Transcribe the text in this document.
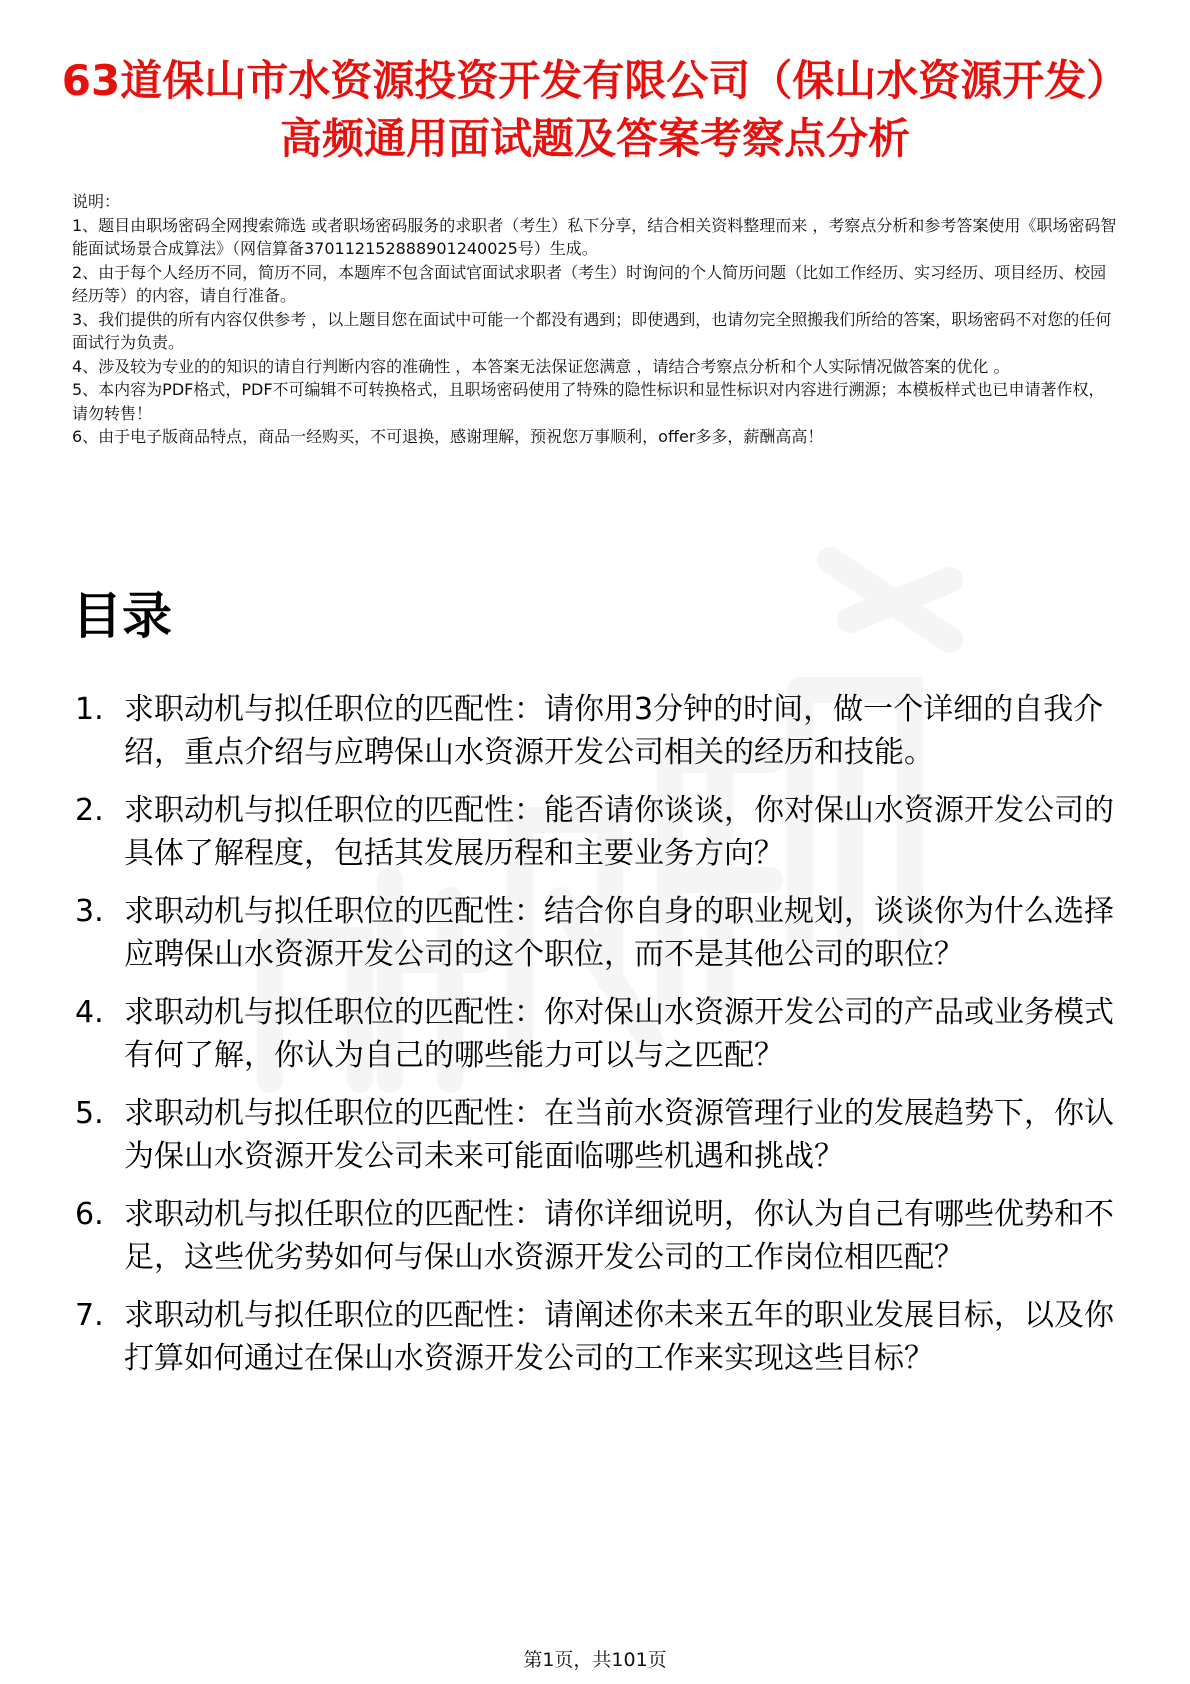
63道保山市水资源投资开发有限公司（保山水资源开发）高频通用面试题及答案考察点分析

说明：

1、题目由职场密码全网搜索筛选 或者职场密码服务的求职者（考生）私下分享，结合相关资料整理而来 ，考察点分析和参考答案使用《职场密码智能面试场景合成算法》（网信算备370112152888901240025号）生成。

2、由于每个人经历不同，简历不同，本题库不包含面试官面试求职者（考生）时询问的个人简历问题（比如工作经历、实习经历、项目经历、校园经历等）的内容，请自行准备。

3、我们提供的所有内容仅供参考 ，以上题目您在面试中可能一个都没有遇到；即使遇到，也请勿完全照搬我们所给的答案，职场密码不对您的任何面试行为负责。

4、涉及较为专业的的知识的请自行判断内容的准确性 ，本答案无法保证您满意 ，请结合考察点分析和个人实际情况做答案的优化 。

5、本内容为PDF格式，PDF不可编辑不可转换格式，且职场密码使用了特殊的隐性标识和显性标识对内容进行溯源；本模板样式也已申请著作权，请勿转售！

6、由于电子版商品特点，商品一经购买，不可退换，感谢理解，预祝您万事顺利，offer多多，薪酬高高！

目录
1. 求职动机与拟任职位的匹配性：请你用3分钟的时间，做一个详细的自我介绍，重点介绍与应聘保山水资源开发公司相关的经历和技能。
2. 求职动机与拟任职位的匹配性：能否请你谈谈，你对保山水资源开发公司的具体了解程度，包括其发展历程和主要业务方向？
3. 求职动机与拟任职位的匹配性：结合你自身的职业规划，谈谈你为什么选择应聘保山水资源开发公司的这个职位，而不是其他公司的职位？
4. 求职动机与拟任职位的匹配性：你对保山水资源开发公司的产品或业务模式有何了解，你认为自己的哪些能力可以与之匹配？
5. 求职动机与拟任职位的匹配性：在当前水资源管理行业的发展趋势下，你认为保山水资源开发公司未来可能面临哪些机遇和挑战？
6. 求职动机与拟任职位的匹配性：请你详细说明，你认为自己有哪些优势和不足，这些优劣势如何与保山水资源开发公司的工作岗位相匹配？
7. 求职动机与拟任职位的匹配性：请阐述你未来五年的职业发展目标，以及你打算如何通过在保山水资源开发公司的工作来实现这些目标？
第1页，共101页
